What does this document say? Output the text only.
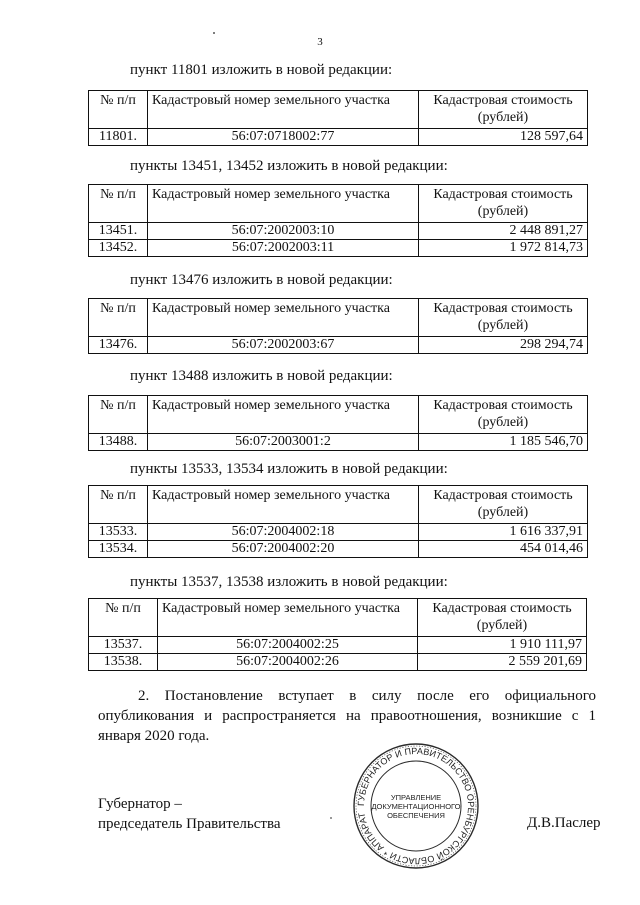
3
пункт 11801 изложить в новой редакции:
№ п/п	Кадастровый номер земельного участка	Кадастровая стоимость (рублей)
11801.	56:07:0718002:77	128 597,64
пункты 13451, 13452 изложить в новой редакции:
№ п/п	Кадастровый номер земельного участка	Кадастровая стоимость (рублей)
13451.	56:07:2002003:10	2 448 891,27
13452.	56:07:2002003:11	1 972 814,73
пункт 13476 изложить в новой редакции:
№ п/п	Кадастровый номер земельного участка	Кадастровая стоимость (рублей)
13476.	56:07:2002003:67	298 294,74
пункт 13488 изложить в новой редакции:
№ п/п	Кадастровый номер земельного участка	Кадастровая стоимость (рублей)
13488.	56:07:2003001:2	1 185 546,70
пункты 13533, 13534 изложить в новой редакции:
№ п/п	Кадастровый номер земельного участка	Кадастровая стоимость (рублей)
13533.	56:07:2004002:18	1 616 337,91
13534.	56:07:2004002:20	454 014,46
пункты 13537, 13538 изложить в новой редакции:
№ п/п	Кадастровый номер земельного участка	Кадастровая стоимость (рублей)
13537.	56:07:2004002:25	1 910 111,97
13538.	56:07:2004002:26	2 559 201,69
2. Постановление вступает в силу после его официального опубликования и распространяется на правоотношения, возникшие с 1 января 2020 года.
Губернатор –
председатель Правительства	Д.В.Паслер
ГУБЕРНАТОР И ПРАВИТЕЛЬСТВО ОРЕНБУРГСКОЙ ОБЛАСТИ * АППАРАТ
УПРАВЛЕНИЕ
ДОКУМЕНТАЦИОННОГО
ОБЕСПЕЧЕНИЯ
